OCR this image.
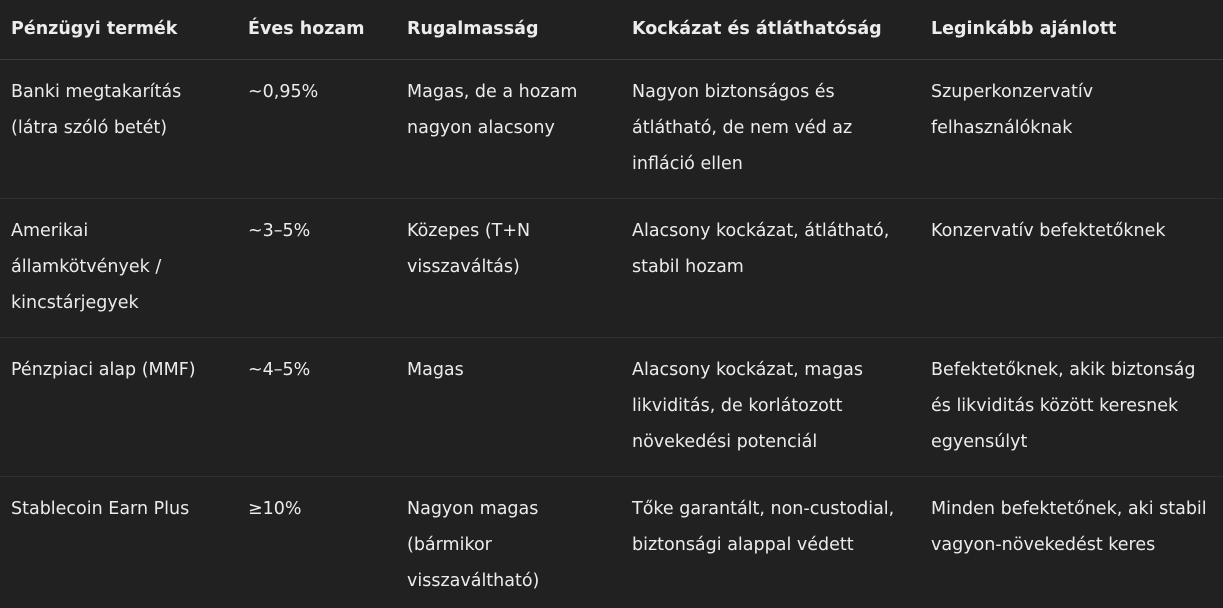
Pénzügyi termék	Éves hozam	Rugalmasság	Kockázat és átláthatóság	Leginkább ajánlott
Banki megtakarítás (látra szóló betét)	~0,95%	Magas, de a hozam nagyon alacsony	Nagyon biztonságos és átlátható, de nem véd az infláció ellen	Szuperkonzervatív felhasználóknak
Amerikai államkötvények / kincstárjegyek	~3–5%	Közepes (T+N visszaváltás)	Alacsony kockázat, átlátható, stabil hozam	Konzervatív befektetőknek
Pénzpiaci alap (MMF)	~4–5%	Magas	Alacsony kockázat, magas likviditás, de korlátozott növekedési potenciál	Befektetőknek, akik biztonság és likviditás között keresnek egyensúlyt
Stablecoin Earn Plus	≥10%	Nagyon magas (bármikor visszaváltható)	Tőke garantált, non-custodial, biztonsági alappal védett	Minden befektetőnek, aki stabil vagyon-növekedést keres
